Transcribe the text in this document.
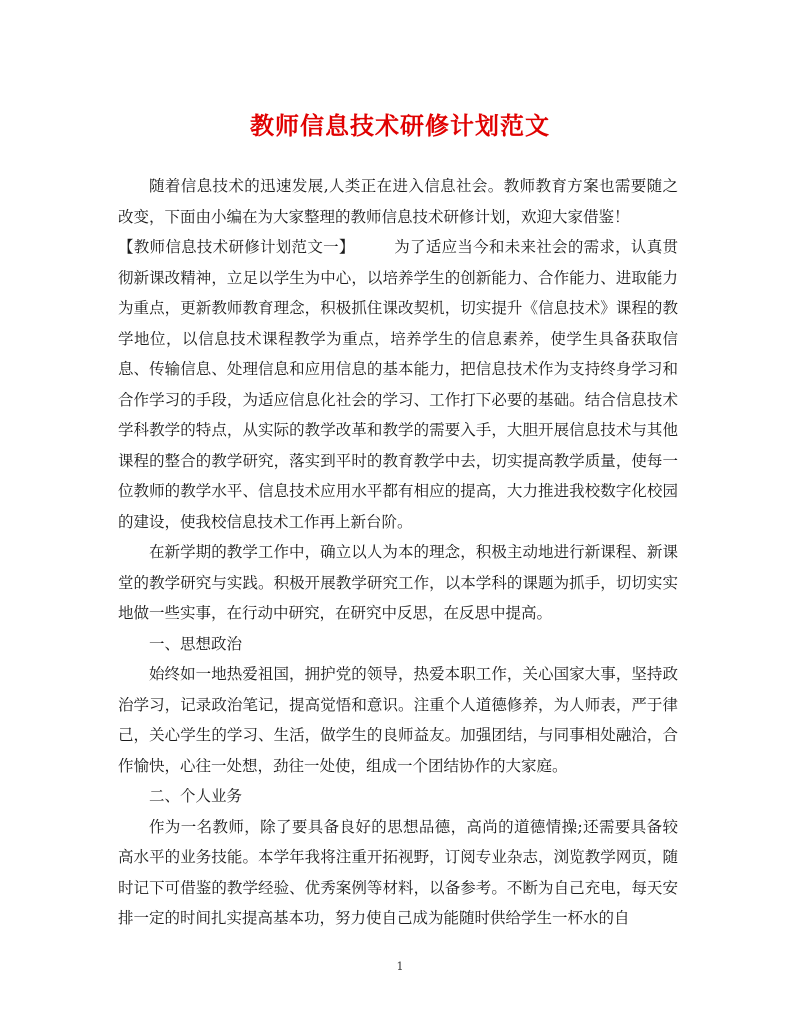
教师信息技术研修计划范文

随着信息技术的迅速发展,人类正在进入信息社会。教师教育方案也需要随之改变，下面由小编在为大家整理的教师信息技术研修计划，欢迎大家借鉴！

【教师信息技术研修计划范文一】　　　	为了适应当今和未来社会的需求，认真贯彻新课改精神，立足以学生为中心，以培养学生的创新能力、合作能力、进取能力为重点，更新教师教育理念，积极抓住课改契机，切实提升《信息技术》课程的教学地位，以信息技术课程教学为重点，培养学生的信息素养，使学生具备获取信息、传输信息、处理信息和应用信息的基本能力，把信息技术作为支持终身学习和合作学习的手段，为适应信息化社会的学习、工作打下必要的基础。结合信息技术学科教学的特点，从实际的教学改革和教学的需要入手，大胆开展信息技术与其他课程的整合的教学研究，落实到平时的教育教学中去，切实提高教学质量，使每一位教师的教学水平、信息技术应用水平都有相应的提高，大力推进我校数字化校园的建设，使我校信息技术工作再上新台阶。

在新学期的教学工作中，确立以人为本的理念，积极主动地进行新课程、新课堂的教学研究与实践。积极开展教学研究工作，以本学科的课题为抓手，切切实实地做一些实事，在行动中研究，在研究中反思，在反思中提高。

一、思想政治

始终如一地热爱祖国，拥护党的领导，热爱本职工作，关心国家大事，坚持政治学习，记录政治笔记，提高觉悟和意识。注重个人道德修养，为人师表，严于律己，关心学生的学习、生活，做学生的良师益友。加强团结，与同事相处融洽，合作愉快，心往一处想，劲往一处使，组成一个团结协作的大家庭。

二、个人业务

作为一名教师，除了要具备良好的思想品德，高尚的道德情操;还需要具备较高水平的业务技能。本学年我将注重开拓视野，订阅专业杂志，浏览教学网页，随时记下可借鉴的教学经验、优秀案例等材料，以备参考。不断为自己充电，每天安排一定的时间扎实提高基本功，努力使自己成为能随时供给学生一杯水的自

1
